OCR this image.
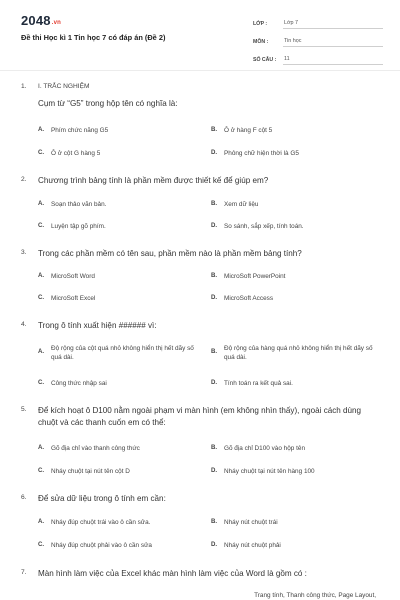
2048.vn
Đề thi Học kì 1 Tin học 7 có đáp án (Đề 2)
LỚP :	Lớp 7
MÔN :	Tin học
SỐ CÂU :	11
1.	I. TRẮC NGHIỆM
Cụm từ “G5” trong hộp tên có nghĩa là:
A.	Phím chức năng G5	B.	Ô ở hàng F cột 5
C.	Ô ở cột G hàng 5	D.	Phông chữ hiện thời là G5
2.	Chương trình bảng tính là phần mềm được thiết kế để giúp em?
A.	Soạn thảo văn bản.	B.	Xem dữ liệu
C.	Luyện tập gõ phím.	D.	So sánh, sắp xếp, tính toán.
3.	Trong các phần mềm có tên sau, phần mềm nào là phần mềm bảng tính?
A.	MicroSoft Word	B.	MicroSoft PowerPoint
C.	MicroSoft Excel	D.	MicroSoft Access
4.	Trong ô tính xuất hiện ###### vì:
A.	Độ rộng của cột quá nhỏ không hiển thị hết dãy số quá dài.
B.	Độ rộng của hàng quá nhỏ không hiển thị hết dãy số quá dài.
C.	Công thức nhập sai	D.	Tính toán ra kết quả sai.
5.	Để kích hoạt ô D100 nằm ngoài phạm vi màn hình (em không nhìn thấy), ngoài cách dùng chuột và các thanh cuốn em có thể:
A.	Gõ địa chỉ vào thanh công thức	B.	Gõ địa chỉ D100 vào hộp tên
C.	Nháy chuột tại nút tên cột D	D.	Nháy chuột tại nút tên hàng 100
6.	Để sửa dữ liệu trong ô tính em cần:
A.	Nháy đúp chuột trái vào ô cần sửa.	B.	Nháy nút chuột trái
C.	Nháy đúp chuột phải vào ô cần sửa	D.	Nháy nút chuột phải
7.	Màn hình làm việc của Excel khác màn hình làm việc của Word là gồm có :
Trang tính, Thanh công thức, Page Layout,
